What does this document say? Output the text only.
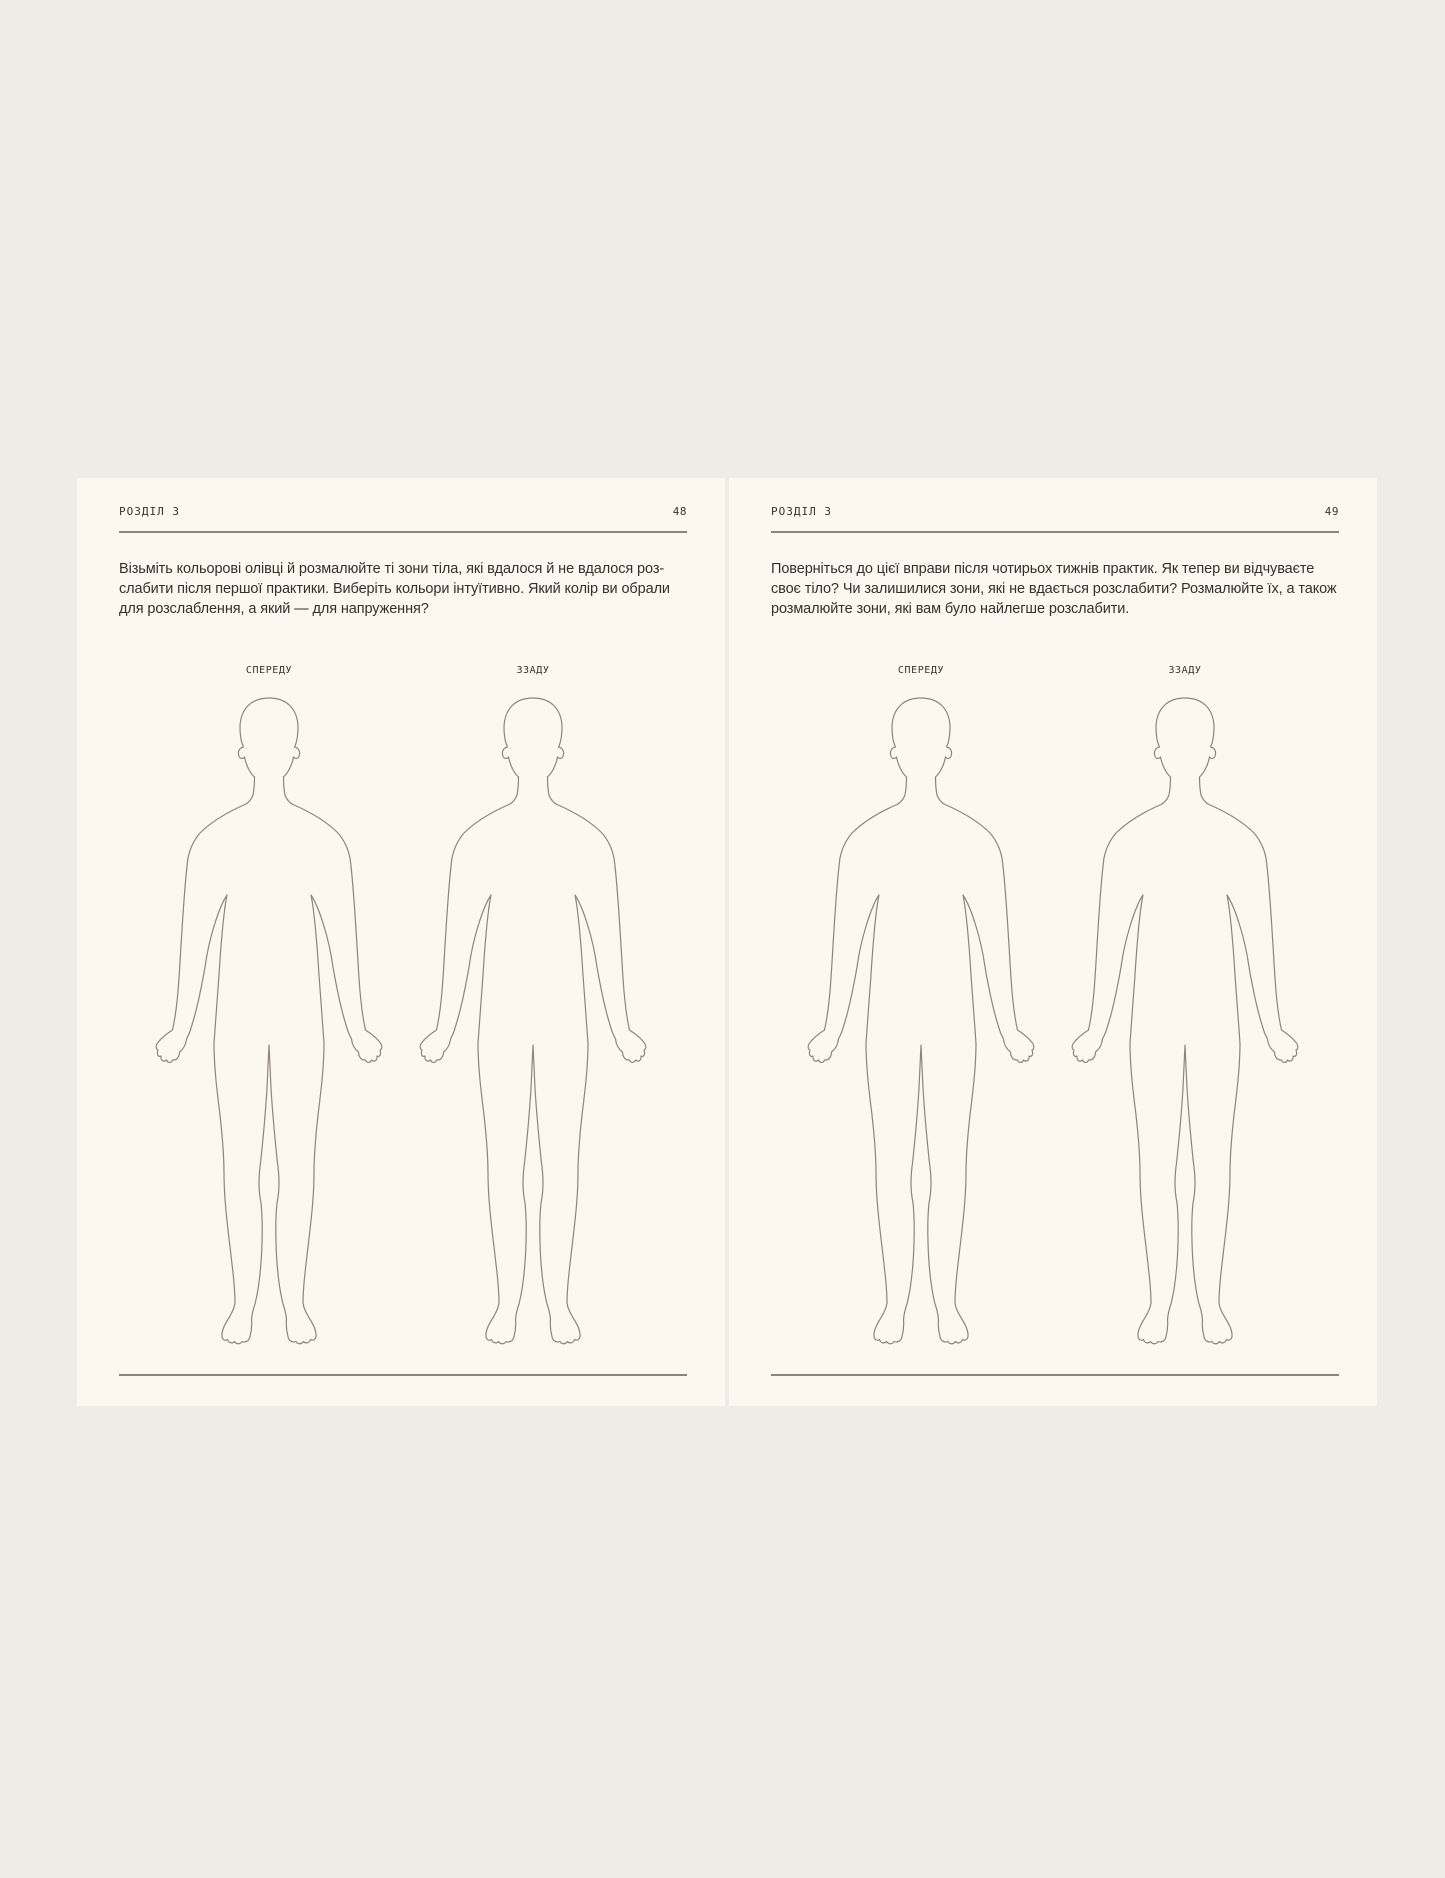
РОЗДІЛ 3	48
Візьміть кольорові олівці й розмалюйте ті зони тіла, які вдалося й не вдалося роз-
слабити після першої практики. Виберіть кольори інтуїтивно. Який колір ви обрали
для розслаблення, а який — для напруження?
СПЕРЕДУ	ЗЗАДУ
РОЗДІЛ 3	49
Поверніться до цієї вправи після чотирьох тижнів практик. Як тепер ви відчуваєте
своє тіло? Чи залишилися зони, які не вдається розслабити? Розмалюйте їх, а також
розмалюйте зони, які вам було найлегше розслабити.
СПЕРЕДУ	ЗЗАДУ
